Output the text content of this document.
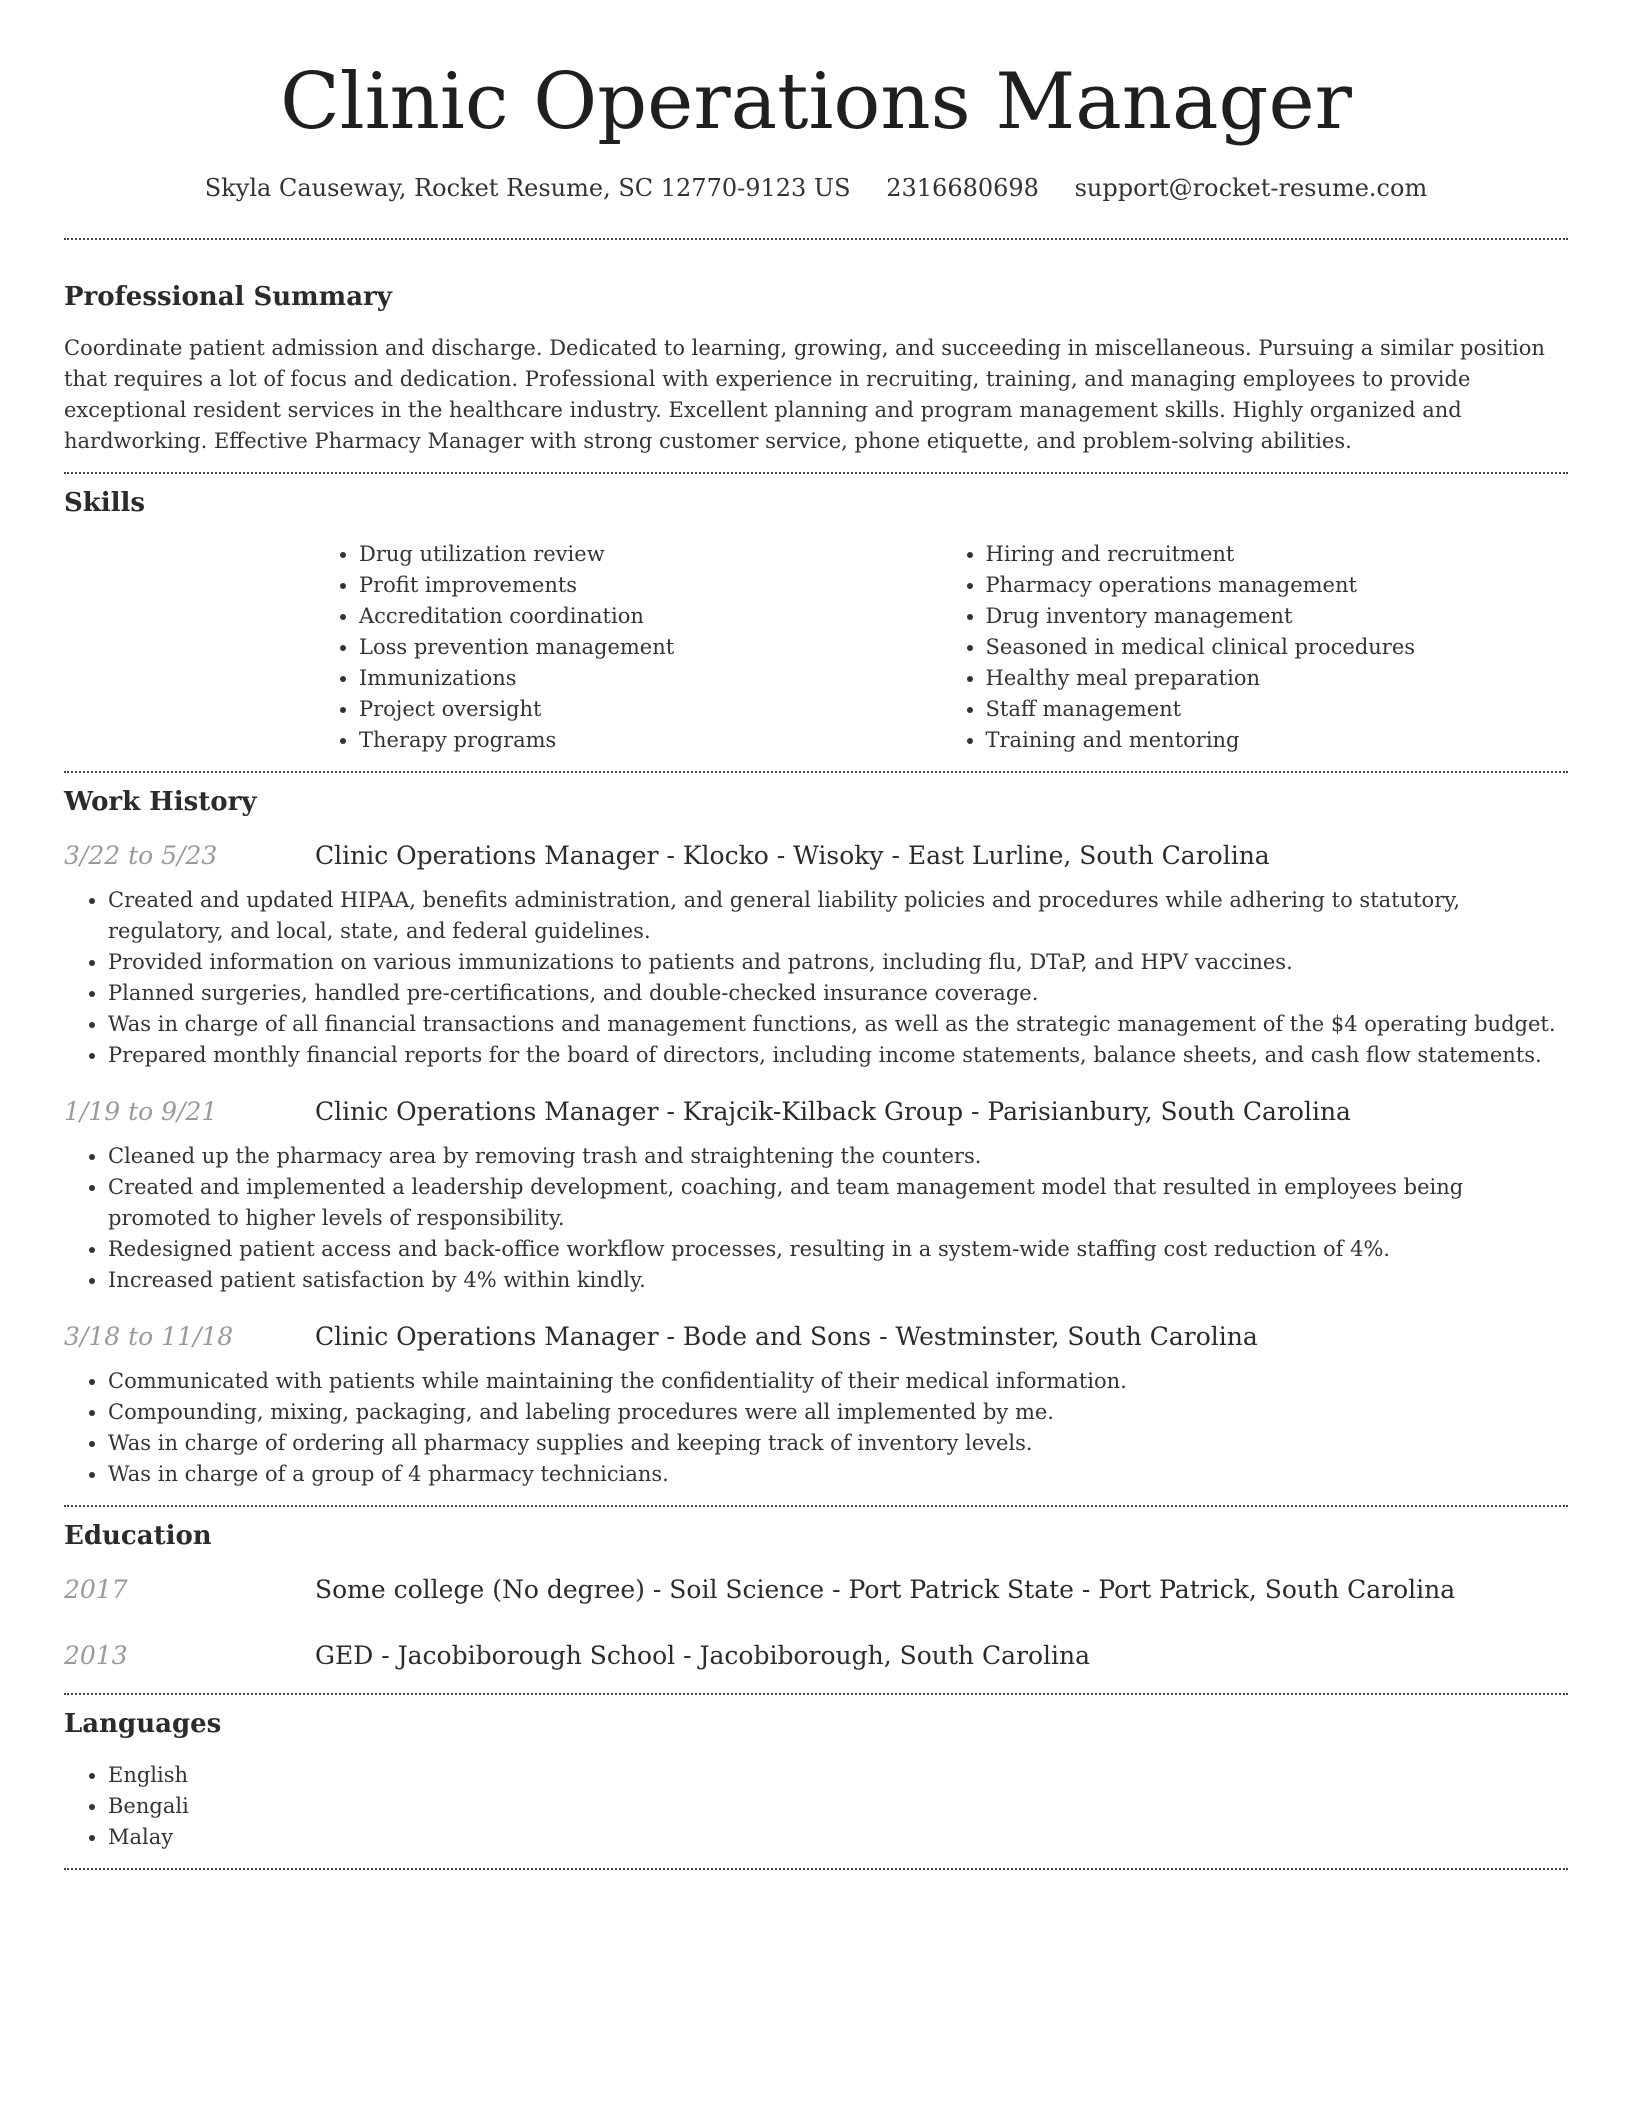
Clinic Operations Manager
Skyla Causeway, Rocket Resume, SC 12770-9123 US 2316680698 support@rocket-resume.com
Professional Summary

Coordinate patient admission and discharge. Dedicated to learning, growing, and succeeding in miscellaneous. Pursuing a similar position that requires a lot of focus and dedication. Professional with experience in recruiting, training, and managing employees to provide exceptional resident services in the healthcare industry. Excellent planning and program management skills. Highly organized and hardworking. Effective Pharmacy Manager with strong customer service, phone etiquette, and problem-solving abilities.

Skills
• Drug utilization review
• Profit improvements
• Accreditation coordination
• Loss prevention management
• Immunizations
• Project oversight
• Therapy programs
• Hiring and recruitment
• Pharmacy operations management
• Drug inventory management
• Seasoned in medical clinical procedures
• Healthy meal preparation
• Staff management
• Training and mentoring
Work History
3/22 to 5/23	Clinic Operations Manager - Klocko - Wisoky - East Lurline, South Carolina
• Created and updated HIPAA, benefits administration, and general liability policies and procedures while adhering to statutory, regulatory, and local, state, and federal guidelines.
• Provided information on various immunizations to patients and patrons, including flu, DTaP, and HPV vaccines.
• Planned surgeries, handled pre-certifications, and double-checked insurance coverage.
• Was in charge of all financial transactions and management functions, as well as the strategic management of the $4 operating budget.
• Prepared monthly financial reports for the board of directors, including income statements, balance sheets, and cash flow statements.
1/19 to 9/21	Clinic Operations Manager - Krajcik-Kilback Group - Parisianbury, South Carolina
• Cleaned up the pharmacy area by removing trash and straightening the counters.
• Created and implemented a leadership development, coaching, and team management model that resulted in employees being promoted to higher levels of responsibility.
• Redesigned patient access and back-office workflow processes, resulting in a system-wide staffing cost reduction of 4%.
• Increased patient satisfaction by 4% within kindly.
3/18 to 11/18	Clinic Operations Manager - Bode and Sons - Westminster, South Carolina
• Communicated with patients while maintaining the confidentiality of their medical information.
• Compounding, mixing, packaging, and labeling procedures were all implemented by me.
• Was in charge of ordering all pharmacy supplies and keeping track of inventory levels.
• Was in charge of a group of 4 pharmacy technicians.
Education
2017	Some college (No degree) - Soil Science - Port Patrick State - Port Patrick, South Carolina
2013	GED - Jacobiborough School - Jacobiborough, South Carolina
Languages
• English
• Bengali
• Malay
